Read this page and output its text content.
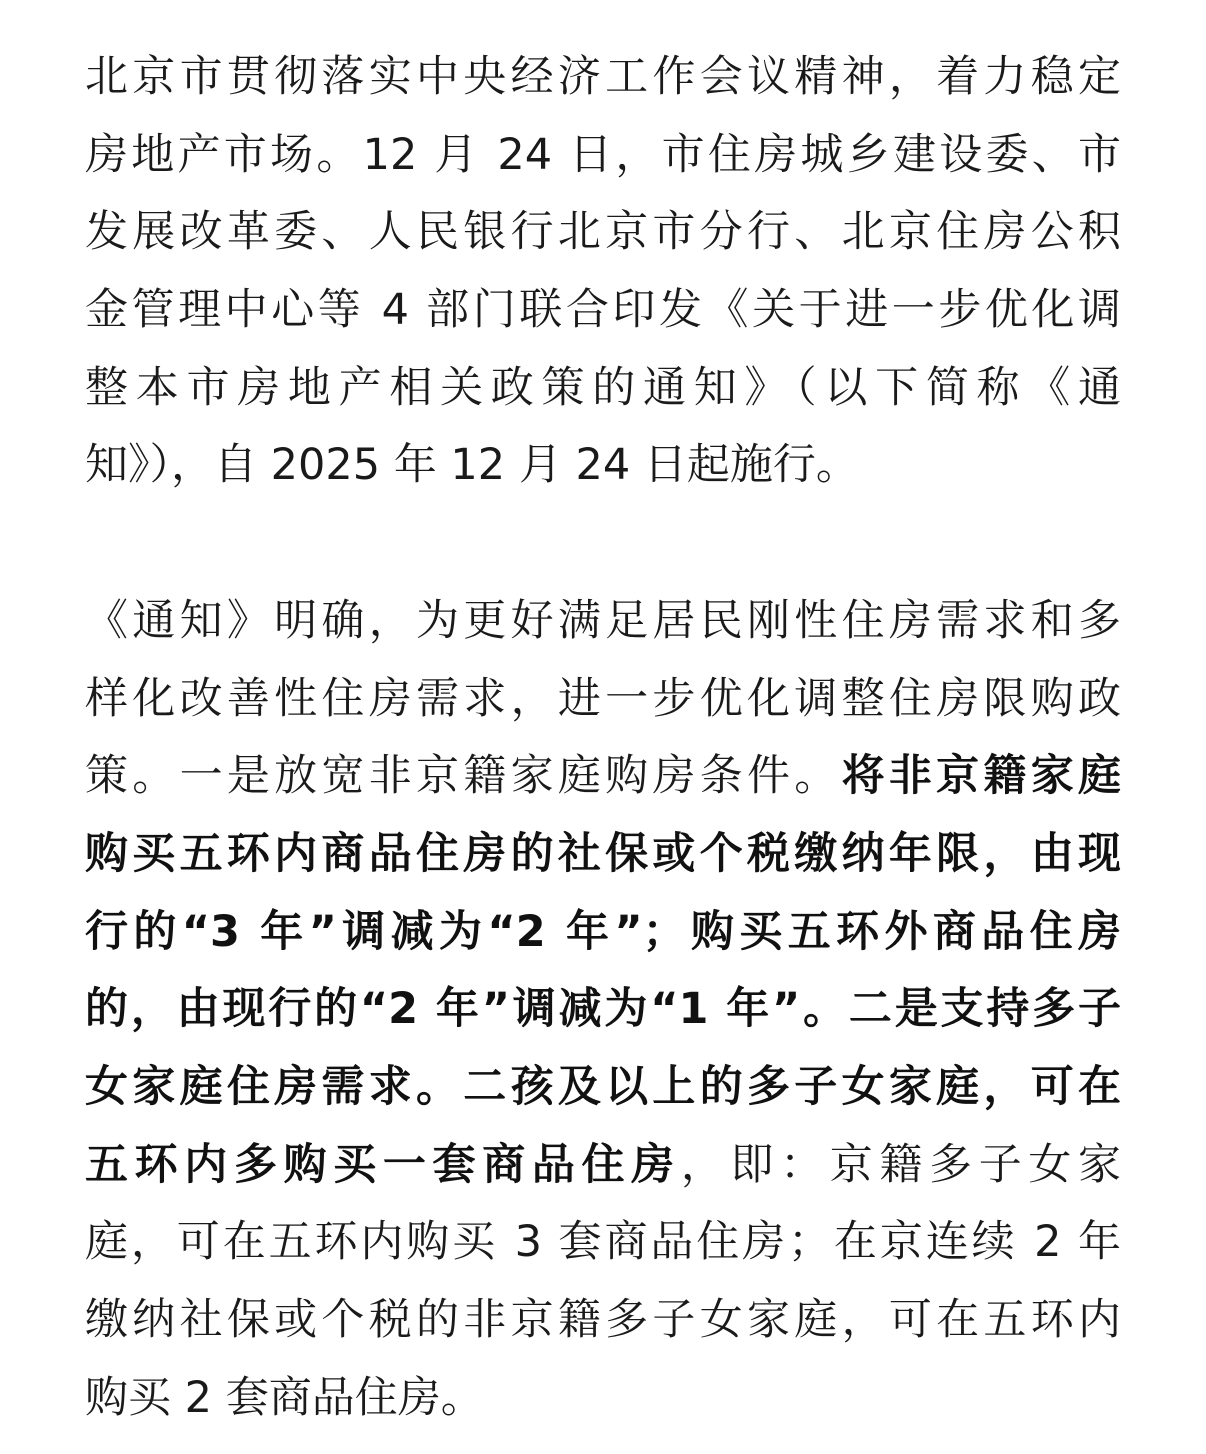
北京市贯彻落实中央经济工作会议精神，着力稳定
房地产市场。12 月 24 日，市住房城乡建设委、市
发展改革委、人民银行北京市分行、北京住房公积
金管理中心等 4 部门联合印发《关于进一步优化调
整本市房地产相关政策的通知》（以下简称《通
知》），自 2025 年 12 月 24 日起施行。
《通知》明确，为更好满足居民刚性住房需求和多
样化改善性住房需求，进一步优化调整住房限购政
策。一是放宽非京籍家庭购房条件。将非京籍家庭
购买五环内商品住房的社保或个税缴纳年限，由现
行的“3 年”调减为“2 年”；购买五环外商品住房
的，由现行的“2 年”调减为“1 年”。二是支持多子
女家庭住房需求。二孩及以上的多子女家庭，可在
五环内多购买一套商品住房，即：京籍多子女家
庭，可在五环内购买 3 套商品住房；在京连续 2 年
缴纳社保或个税的非京籍多子女家庭，可在五环内
购买 2 套商品住房。
